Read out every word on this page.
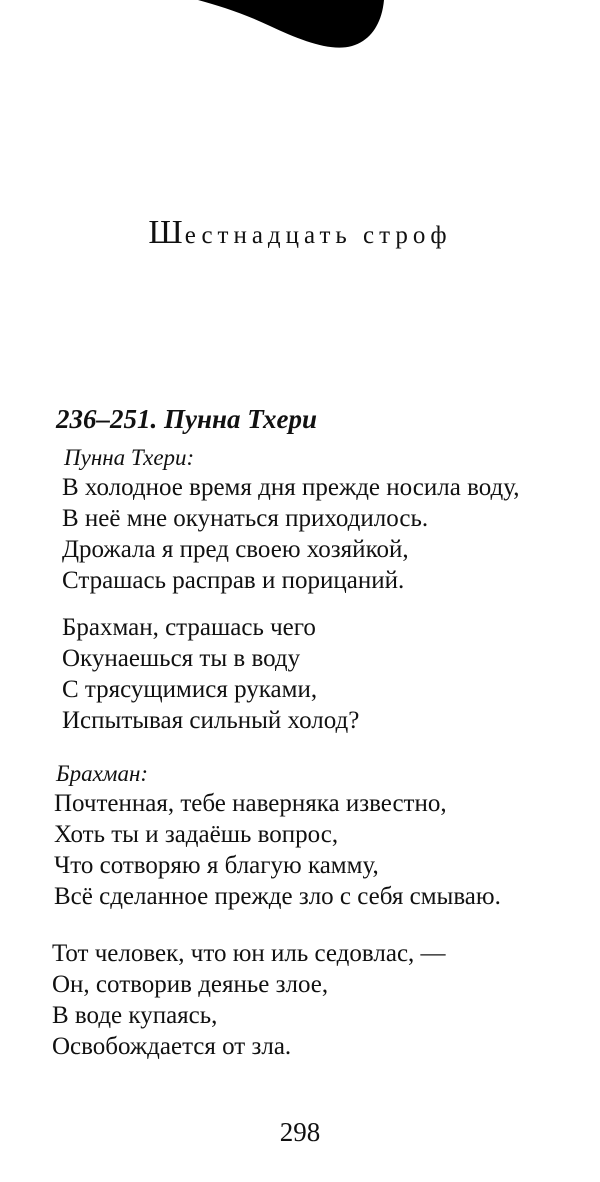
Шестнадцать строф
236–251. Пунна Тхери
Пунна Тхери:
В холодное время дня прежде носила воду,
В неё мне окунаться приходилось.
Дрожала я пред своею хозяйкой,
Страшась расправ и порицаний.
Брахман, страшась чего
Окунаешься ты в воду
С трясущимися руками,
Испытывая сильный холод?
Брахман:
Почтенная, тебе наверняка известно,
Хоть ты и задаёшь вопрос,
Что сотворяю я благую камму,
Всё сделанное прежде зло с себя смываю.
Тот человек, что юн иль седовлас, —
Он, сотворив деянье злое,
В воде купаясь,
Освобождается от зла.
298
